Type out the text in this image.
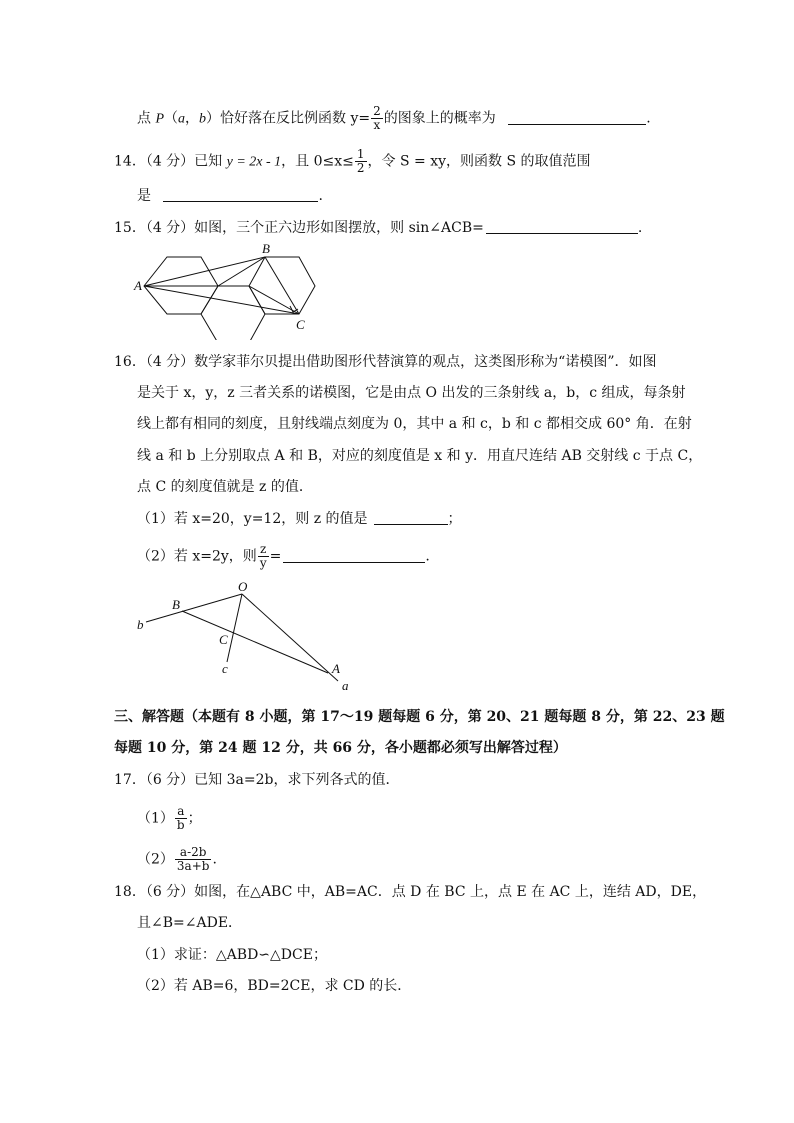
点 P（a，b）恰好落在反比例函数 $y= \frac{2}{x}$ 的图象上的概率为	.
14．（4 分）已知 y = 2x - 1，且 $0\le x\le \frac{1}{2}$ ，令 S = xy，则函数 S 的取值范围
是	.
15．（4 分）如图，三个正六边形如图摆放，则 sin∠ACB=	.
A
B
C
16．（4 分）数学家菲尔贝提出借助图形代替演算的观点，这类图形称为“诺模图”．如图
是关于 x，y，z 三者关系的诺模图，它是由点 O 出发的三条射线 a，b，c 组成，每条射
线上都有相同的刻度，且射线端点刻度为 0，其中 a 和 c，b 和 c 都相交成 60° 角．在射
线 a 和 b 上分别取点 A 和 B，对应的刻度值是 x 和 y．用直尺连结 AB 交射线 c 于点 C，
点 C 的刻度值就是 z 的值．
（1）若 x=20，y=12，则 z 的值是	；
（2）若 x=2y，则 $\frac{z}{y}$ =	.
O
B
b
C
c	A
a
三、解答题（本题有 8 小题，第 17～19 题每题 6 分，第 20、21 题每题 8 分，第 22、23 题
每题 10 分，第 24 题 12 分，共 66 分，各小题都必须写出解答过程）
17．（6 分）已知 3a=2b，求下列各式的值．
$(1) \frac{a}{b}$ ；
$(2) \frac{a-2b}{3a+b}$ .
18．（6 分）如图，在△ABC 中，AB=AC．点 D 在 BC 上，点 E 在 AC 上，连结 AD，DE，
且∠B=∠ADE．
（1）求证：△ABD∽△DCE；
（2）若 AB=6，BD=2CE，求 CD 的长．
